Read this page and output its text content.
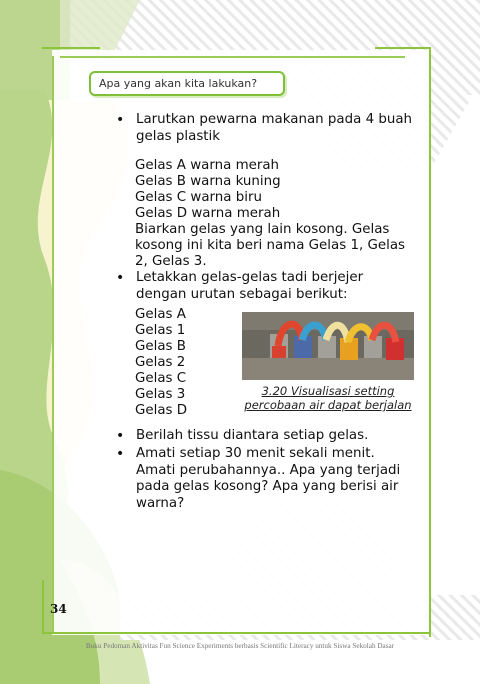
Apa yang akan kita lakukan?
• Larutkan pewarna makanan pada 4 buah gelas plastik
Gelas A warna merah
Gelas B warna kuning
Gelas C warna biru
Gelas D warna merah
Biarkan gelas yang lain kosong. Gelas
kosong ini kita beri nama Gelas 1, Gelas
2, Gelas 3.
• Letakkan gelas-gelas tadi berjejer dengan urutan sebagai berikut:
Gelas A
Gelas 1
Gelas B
Gelas 2
Gelas C
Gelas 3
Gelas D
3.20 Visualisasi setting
percobaan air dapat berjalan
• Berilah tissu diantara setiap gelas.
• Amati setiap 30 menit sekali menit. Amati perubahannya.. Apa yang terjadi pada gelas kosong? Apa yang berisi air warna?
34
Buku Pedoman Aktivitas Fun Science Experiments berbasis Scientific Literacy untuk Siswa Sekolah Dasar
